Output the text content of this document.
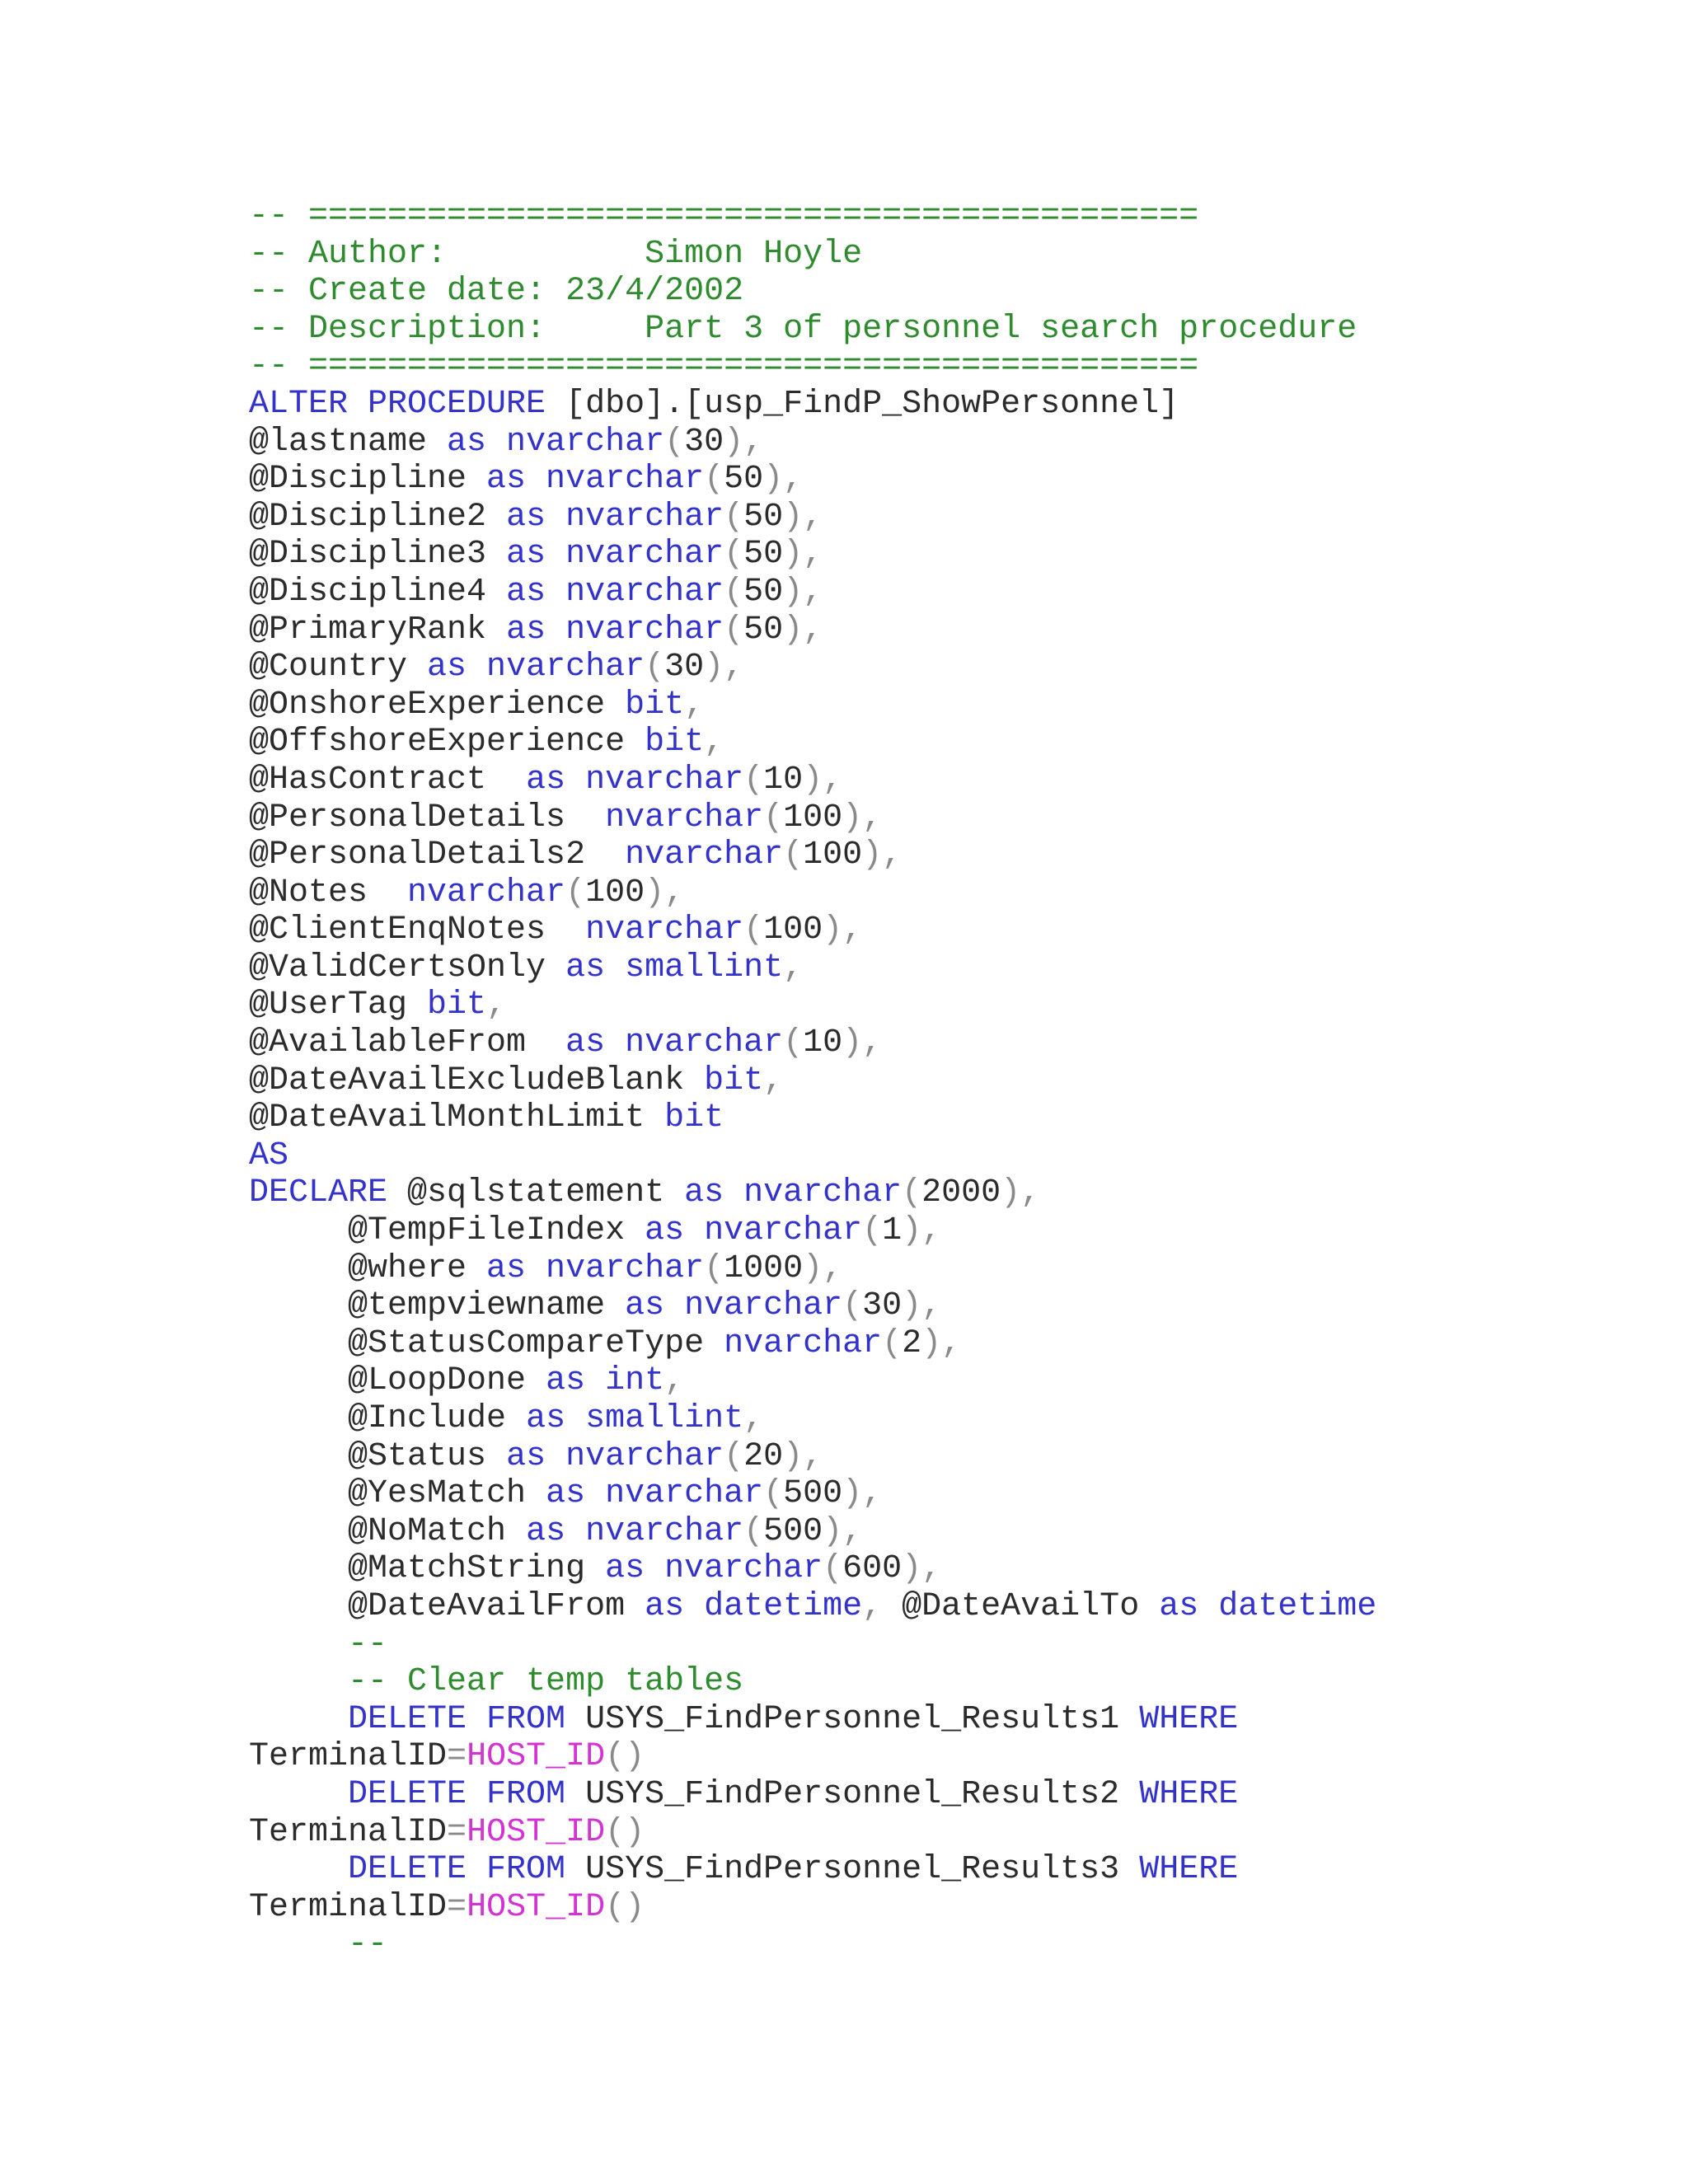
-- =============================================
-- Author:          Simon Hoyle
-- Create date: 23/4/2002
-- Description:     Part 3 of personnel search procedure
-- =============================================
ALTER PROCEDURE [dbo].[usp_FindP_ShowPersonnel]
@lastname as nvarchar(30),
@Discipline as nvarchar(50),
@Discipline2 as nvarchar(50),
@Discipline3 as nvarchar(50),
@Discipline4 as nvarchar(50),
@PrimaryRank as nvarchar(50),
@Country as nvarchar(30),
@OnshoreExperience bit,
@OffshoreExperience bit,
@HasContract  as nvarchar(10),
@PersonalDetails  nvarchar(100),
@PersonalDetails2  nvarchar(100),
@Notes  nvarchar(100),
@ClientEnqNotes  nvarchar(100),
@ValidCertsOnly as smallint,
@UserTag bit,
@AvailableFrom  as nvarchar(10),
@DateAvailExcludeBlank bit,
@DateAvailMonthLimit bit
AS
DECLARE @sqlstatement as nvarchar(2000),
@TempFileIndex as nvarchar(1),
@where as nvarchar(1000),
@tempviewname as nvarchar(30),
@StatusCompareType nvarchar(2),
@LoopDone as int,
@Include as smallint,
@Status as nvarchar(20),
@YesMatch as nvarchar(500),
@NoMatch as nvarchar(500),
@MatchString as nvarchar(600),
@DateAvailFrom as datetime, @DateAvailTo as datetime
--
-- Clear temp tables
DELETE FROM USYS_FindPersonnel_Results1 WHERE
TerminalID=HOST_ID()
DELETE FROM USYS_FindPersonnel_Results2 WHERE
TerminalID=HOST_ID()
DELETE FROM USYS_FindPersonnel_Results3 WHERE
TerminalID=HOST_ID()
--
